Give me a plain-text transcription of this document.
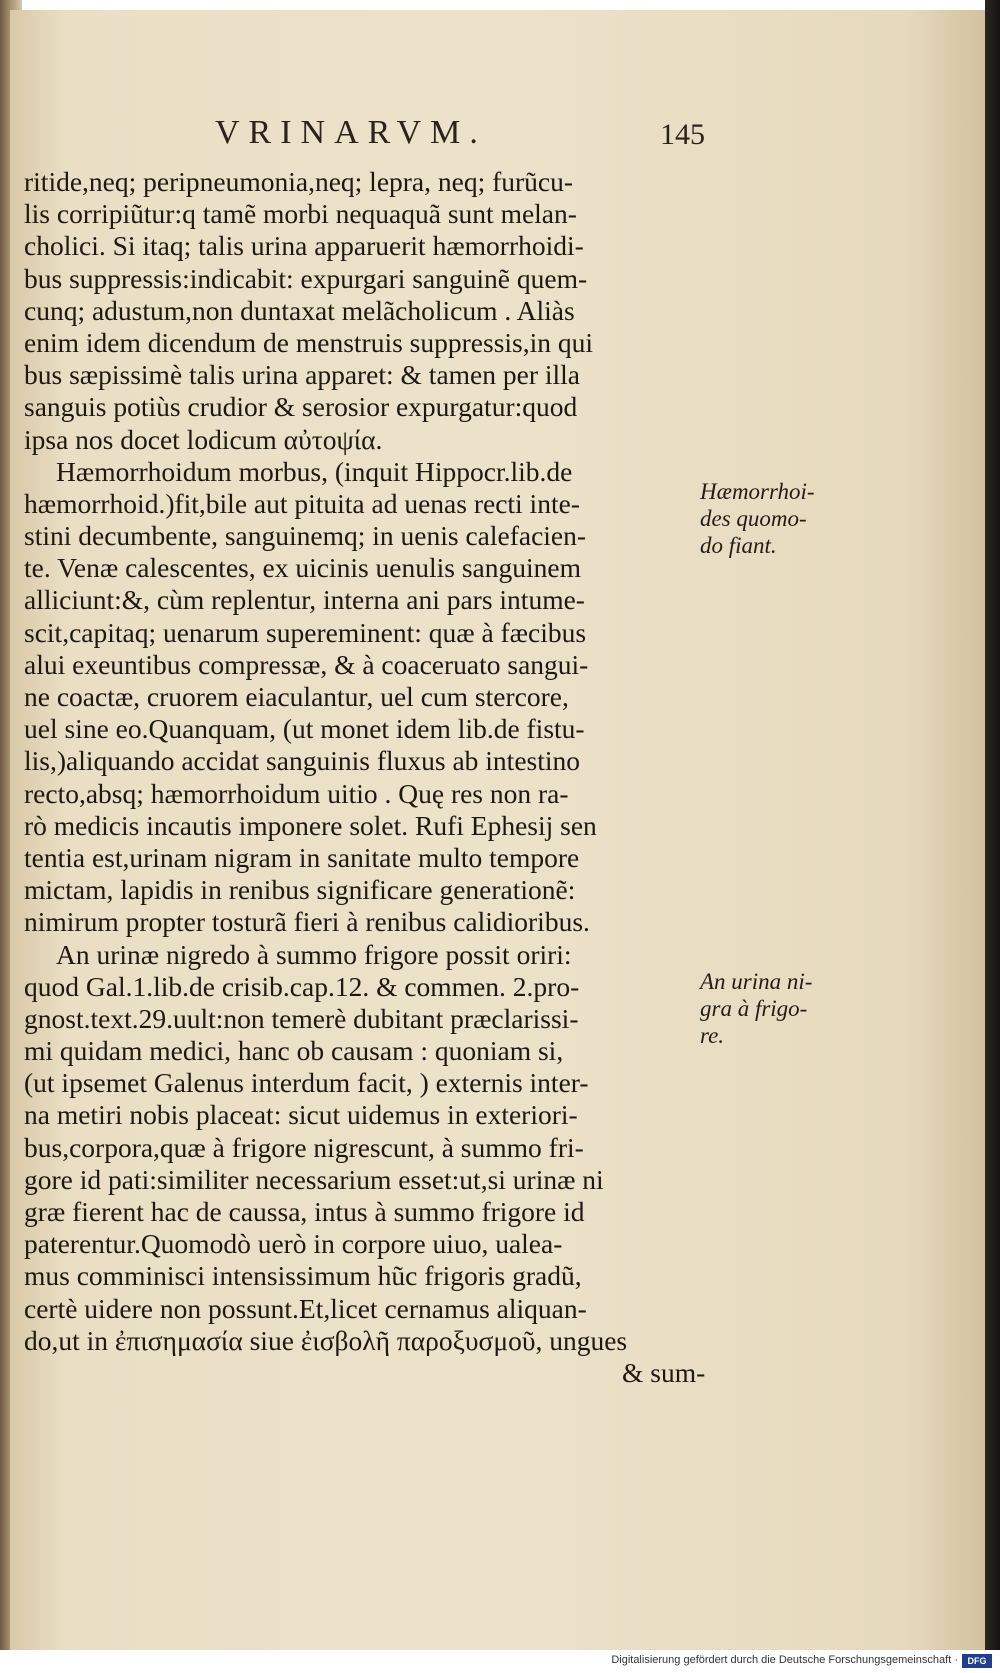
VRINARVM.	145
ritide,neq; peripneumonia,neq; lepra, neq; furũcu-
lis corripiũtur:q tamẽ morbi nequaquã sunt melan-
cholici. Si itaq; talis urina apparuerit hæmorrhoidi-
bus suppressis:indicabit: expurgari sanguinẽ quem-
cunq; adustum,non duntaxat melãcholicum . Aliàs
enim idem dicendum de menstruis suppressis,in qui
bus sæpissimè talis urina apparet: & tamen per illa
sanguis potiùs crudior & serosior expurgatur:quod
ipsa nos docet lodicum αὐτοψία.
Hæmorrhoidum morbus, (inquit Hippocr.lib.de
hæmorrhoid.)fit,bile aut pituita ad uenas recti inte-
stini decumbente, sanguinemq; in uenis calefacien-
te. Venæ calescentes, ex uicinis uenulis sanguinem
alliciunt:&, cùm replentur, interna ani pars intume-
scit,capitaq; uenarum supereminent: quæ à fæcibus
alui exeuntibus compressæ, & à coaceruato sangui-
ne coactæ, cruorem eiaculantur, uel cum stercore,
uel sine eo.Quanquam, (ut monet idem lib.de fistu-
lis,)aliquando accidat sanguinis fluxus ab intestino
recto,absq; hæmorrhoidum uitio . Quę res non ra-
rò medicis incautis imponere solet. Rufi Ephesij sen
tentia est,urinam nigram in sanitate multo tempore
mictam, lapidis in renibus significare generationẽ:
nimirum propter tosturã fieri à renibus calidioribus.
An urinæ nigredo à summo frigore possit oriri:
quod Gal.1.lib.de crisib.cap.12. & commen. 2.pro-
gnost.text.29.uult:non temerè dubitant præclarissi-
mi quidam medici, hanc ob causam : quoniam si,
(ut ipsemet Galenus interdum facit, ) externis inter-
na metiri nobis placeat: sicut uidemus in exteriori-
bus,corpora,quæ à frigore nigrescunt, à summo fri-
gore id pati:similiter necessarium esset:ut,si urinæ ni
græ fierent hac de caussa, intus à summo frigore id
paterentur.Quomodò uerò in corpore uiuo, ualea-
mus comminisci intensissimum hũc frigoris gradũ,
certè uidere non possunt.Et,licet cernamus aliquan-
do,ut in ἐπισημασία siue ἐισβολῆ παροξυσμοῦ, ungues
& sum-
Hæmorrhoi-
des quomo-
do fiant.
An urina ni-
gra à frigo-
re.
Digitalisierung gefördert durch die Deutsche Forschungsgemeinschaft ·	DFG
